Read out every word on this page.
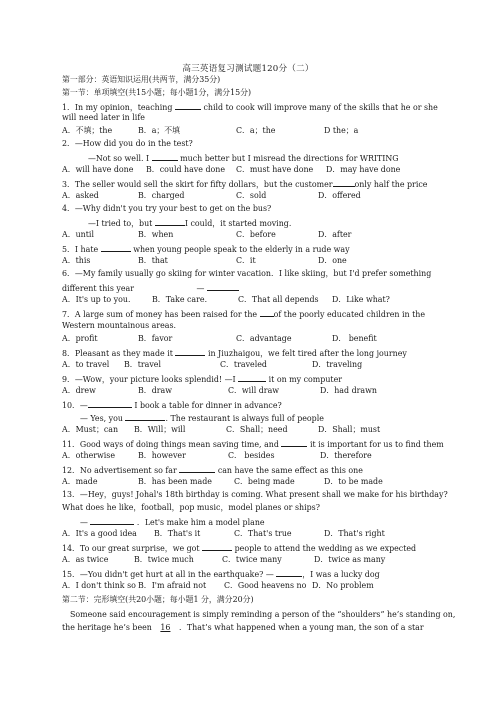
高三英语复习测试题120分（二）
第一部分：英语知识运用(共两节，满分35分)
第一节：单项填空(共15小题；每小题1分，满分15分)
1．In my opinion，teaching	child to cook will improve many of the skills that he or she
will need later in life
A．不填；the	B．a；不填	C．a；the	D the；a
2．—How did you do in the test?
—Not so well. I	much better but I misread the directions for WRITING
A．will have done B．could have done C．must have done D．may have done
3．The seller would sell the skirt for fifty dollars，but the customer	only half the price
A．asked	B．charged	C．sold	D．offered
4．—Why didn't you try your best to get on the bus?
—I tried to，but	I could，it started moving.
A．until	B．when	C．before	D．after
5．I hate	when young people speak to the elderly in a rude way
A．this	B．that	C．it	D．one
6．—My family usually go skiing for winter vacation．I like skiing，but I'd prefer something
different this year	—
A．It's up to you． B．Take care．	C．That all depends D．Like what?
7．A large sum of money has been raised for the of the poorly educated children in the
Western mountainous areas.
A．profit	B．favor	C．advantage	D． benefit
8．Pleasant as they made it	in Jiuzhaigou，we felt tired after the long journey
A．to travel B．travel	C．traveled	D．traveling
9．—Wow，your picture looks splendid! —I	it on my computer
A．drew	B．draw	C．will draw	D．had drawn
10．—	I book a table for dinner in advance?
— Yes, you	. The restaurant is always full of people
A．Must；can B．Will；will	C．Shall；need	D．Shall；must
11．Good ways of doing things mean saving time, and	it is important for us to find them
A．otherwise	B．however	C． besides	D．therefore
12．No advertisement so far	can have the same effect as this one
A．made	B．has been made	C．being made	D．to be made
13．—Hey，guys! Johal's 18th birthday is coming. What present shall we make for his birthday?
What does he like，football，pop music，model planes or ships?
—	．Let's make him a model plane
A．It's a good idea B．That's it	C．That's true	D．That's right
14．To our great surprise，we got	people to attend the wedding as we expected
A．as twice	B．twice much	C．twice many	D．twice as many
15．—You didn't get hurt at all in the earthquake? —	，I was a lucky dog
A．I don't think so B．I'm afraid not C．Good heavens no D．No problem
第二节：完形填空(共20小题；每小题1 分，满分20分)
Someone said encouragement is simply reminding a person of the “shoulders” he’s standing on,
the heritage he’s been 16 ．That’s what happened when a young man, the son of a star
